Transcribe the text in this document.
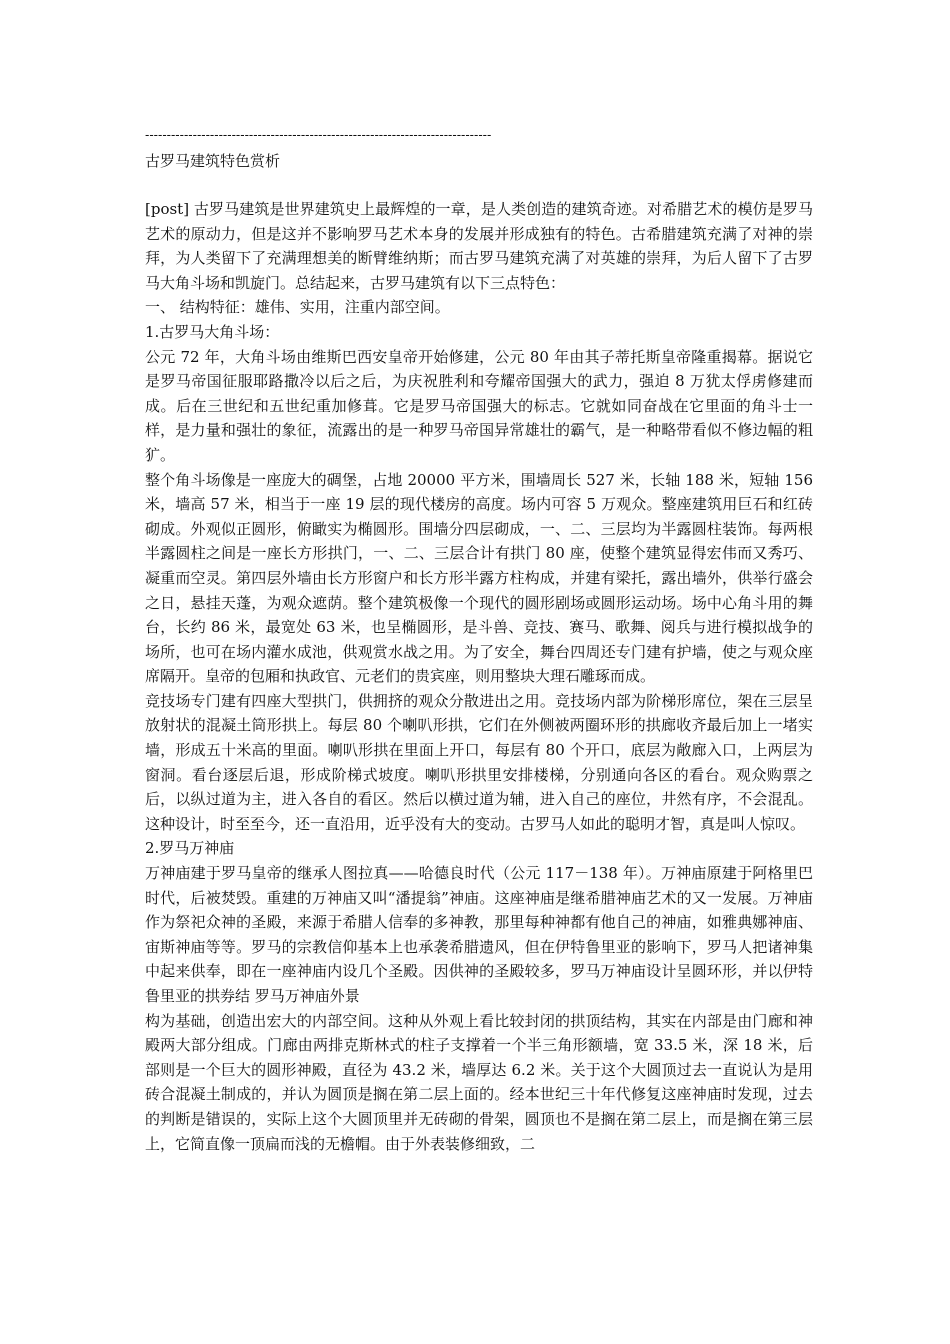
--------------------------------------------------------------------------------
古罗马建筑特色赏析

[post] 古罗马建筑是世界建筑史上最辉煌的一章，是人类创造的建筑奇迹。对希腊艺术的模仿是罗马艺术的原动力，但是这并不影响罗马艺术本身的发展并形成独有的特色。古希腊建筑充满了对神的崇拜，为人类留下了充满理想美的断臂维纳斯；而古罗马建筑充满了对英雄的崇拜，为后人留下了古罗马大角斗场和凯旋门。总结起来，古罗马建筑有以下三点特色：

一、 结构特征：雄伟、实用，注重内部空间。

1.古罗马大角斗场：

公元 72 年，大角斗场由维斯巴西安皇帝开始修建，公元 80 年由其子蒂托斯皇帝隆重揭幕。据说它是罗马帝国征服耶路撒冷以后之后，为庆祝胜利和夸耀帝国强大的武力，强迫 8 万犹太俘虏修建而成。后在三世纪和五世纪重加修葺。它是罗马帝国强大的标志。它就如同奋战在它里面的角斗士一样，是力量和强壮的象征，流露出的是一种罗马帝国异常雄壮的霸气，是一种略带看似不修边幅的粗犷。

整个角斗场像是一座庞大的碉堡，占地 20000 平方米，围墙周长 527 米，长轴 188 米，短轴 156 米，墙高 57 米，相当于一座 19 层的现代楼房的高度。场内可容 5 万观众。整座建筑用巨石和红砖砌成。外观似正圆形，俯瞰实为椭圆形。围墙分四层砌成，一、二、三层均为半露圆柱装饰。每两根半露圆柱之间是一座长方形拱门，一、二、三层合计有拱门 80 座，使整个建筑显得宏伟而又秀巧、凝重而空灵。第四层外墙由长方形窗户和长方形半露方柱构成，并建有梁托，露出墙外，供举行盛会之日，悬挂天蓬，为观众遮荫。整个建筑极像一个现代的圆形剧场或圆形运动场。场中心角斗用的舞台，长约 86 米，最宽处 63 米，也呈椭圆形，是斗兽、竞技、赛马、歌舞、阅兵与进行模拟战争的场所，也可在场内灌水成池，供观赏水战之用。为了安全，舞台四周还专门建有护墙，使之与观众座席隔开。皇帝的包厢和执政官、元老们的贵宾座，则用整块大理石雕琢而成。

竞技场专门建有四座大型拱门，供拥挤的观众分散进出之用。竞技场内部为阶梯形席位，架在三层呈放射状的混凝土筒形拱上。每层 80 个喇叭形拱，它们在外侧被两圈环形的拱廊收齐最后加上一堵实墙，形成五十米高的里面。喇叭形拱在里面上开口，每层有 80 个开口，底层为敞廊入口，上两层为窗洞。看台逐层后退，形成阶梯式坡度。喇叭形拱里安排楼梯，分别通向各区的看台。观众购票之后，以纵过道为主，进入各自的看区。然后以横过道为辅，进入自己的座位，井然有序，不会混乱。这种设计，时至至今，还一直沿用，近乎没有大的变动。古罗马人如此的聪明才智，真是叫人惊叹。

2.罗马万神庙

万神庙建于罗马皇帝的继承人图拉真——哈德良时代（公元 117－138 年）。万神庙原建于阿格里巴时代，后被焚毁。重建的万神庙又叫“潘提翁”神庙。这座神庙是继希腊神庙艺术的又一发展。万神庙作为祭祀众神的圣殿，来源于希腊人信奉的多神教，那里每种神都有他自己的神庙，如雅典娜神庙、宙斯神庙等等。罗马的宗教信仰基本上也承袭希腊遗风，但在伊特鲁里亚的影响下，罗马人把诸神集中起来供奉，即在一座神庙内设几个圣殿。因供神的圣殿较多，罗马万神庙设计呈圆环形，并以伊特鲁里亚的拱券结 罗马万神庙外景

构为基础，创造出宏大的内部空间。这种从外观上看比较封闭的拱顶结构，其实在内部是由门廊和神殿两大部分组成。门廊由两排克斯林式的柱子支撑着一个半三角形额墙，宽 33.5 米，深 18 米，后部则是一个巨大的圆形神殿，直径为 43.2 米，墙厚达 6.2 米。关于这个大圆顶过去一直说认为是用砖合混凝土制成的，并认为圆顶是搁在第二层上面的。经本世纪三十年代修复这座神庙时发现，过去的判断是错误的，实际上这个大圆顶里并无砖砌的骨架，圆顶也不是搁在第二层上，而是搁在第三层上，它简直像一顶扁而浅的无檐帽。由于外表装修细致，二
